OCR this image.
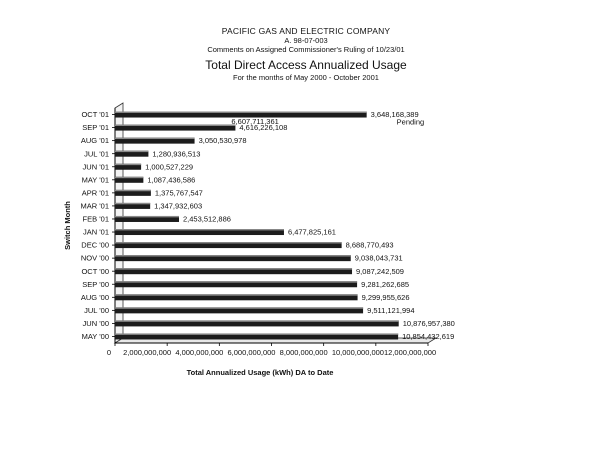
PACIFIC GAS AND ELECTRIC COMPANY
A. 98-07-003
Comments on Assigned Commissioner's Ruling of 10/23/01
Total Direct Access Annualized Usage
For the months of May 2000 - October 2001
OCT '01	3,648,168,389
SEP '01	4,616,226,108
AUG '01	3,050,530,978
JUL '01	1,280,936,513
JUN '01	1,000,527,229
MAY '01	1,087,436,586
APR '01	1,375,767,547
MAR '01	1,347,932,603
FEB '01	2,453,512,886
JAN '01	6,477,825,161
DEC '00	8,688,770,493
NOV '00	9,038,043,731
OCT '00	9,087,242,509
SEP '00	9,281,262,685
AUG '00	9,299,955,626
JUL '00	9,511,121,994
JUN '00	10,876,957,380
MAY '00	10,854,432,619
Pending
6,607,711,361
0 2,000,000,000 4,000,000,000 6,000,000,000 8,000,000,000 10,000,000,000 12,000,000,000
Total Annualized Usage (kWh) DA to Date
Switch Month
